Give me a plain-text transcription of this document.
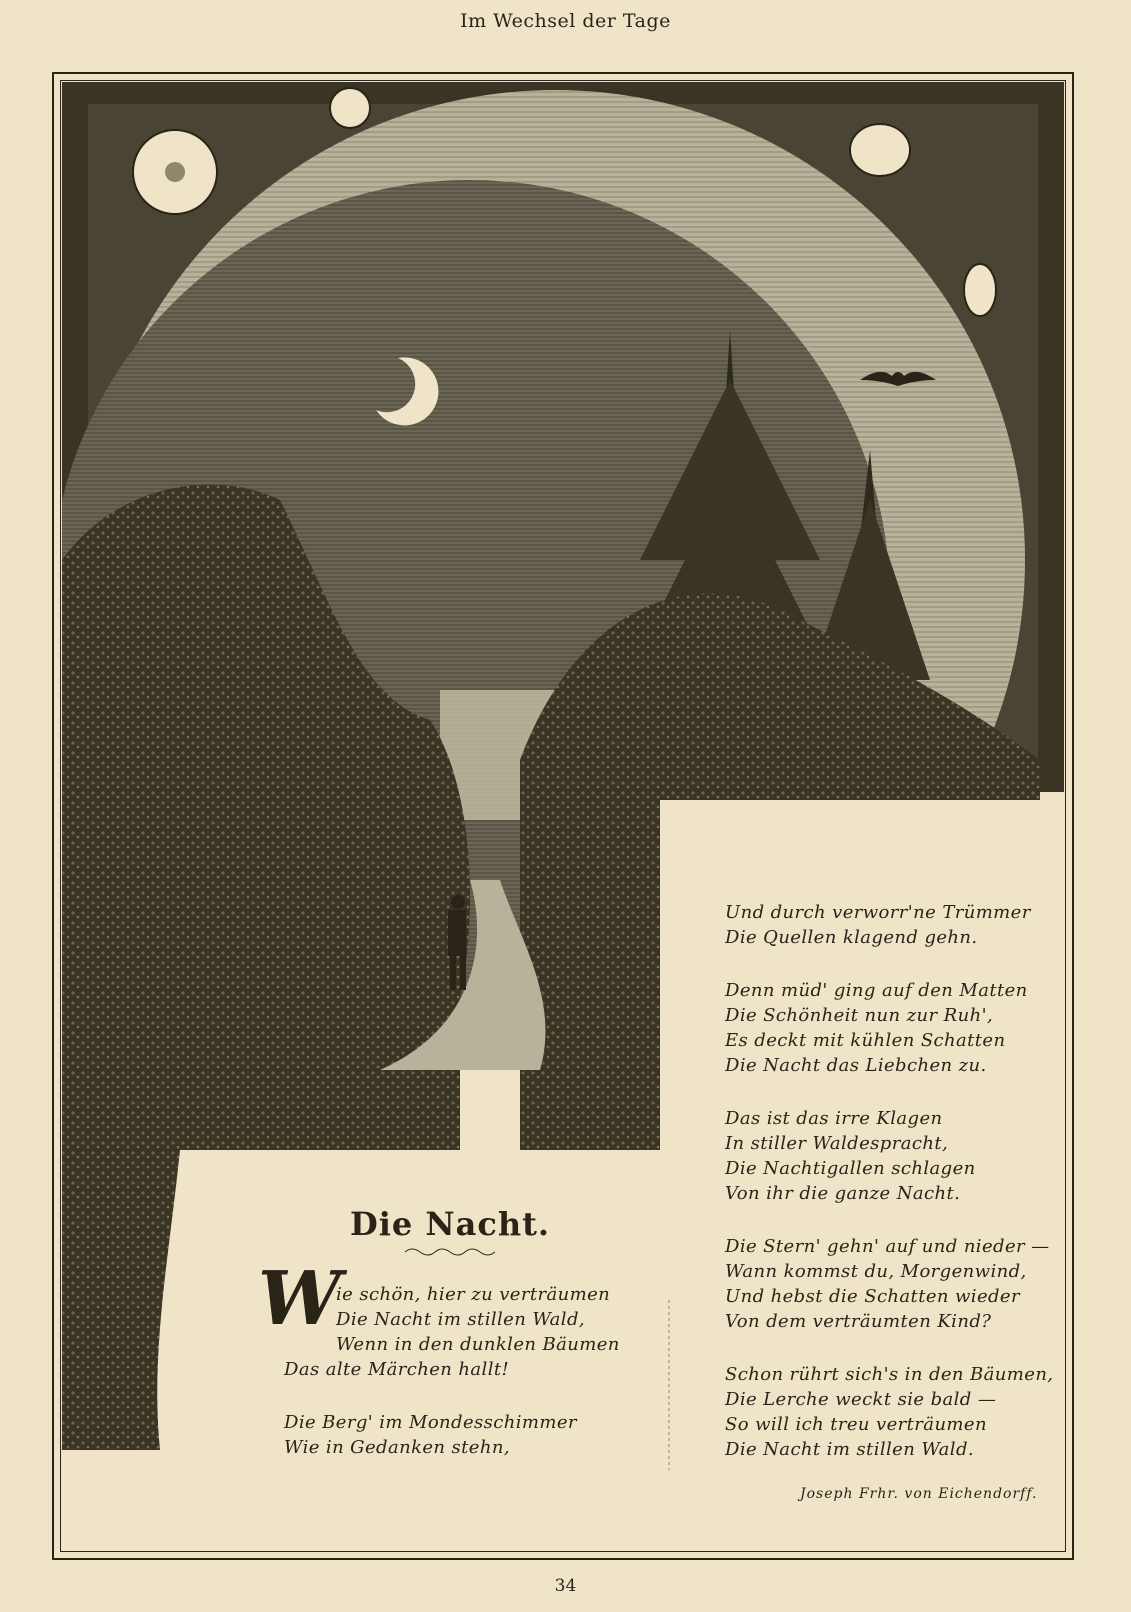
Im Wechsel der Tage
Die Nacht.
W
ie schön, hier zu verträumen
Die Nacht im stillen Wald,
Wenn in den dunklen Bäumen
Das alte Märchen hallt!
Die Berg' im Mondesschimmer
Wie in Gedanken stehn,
Und durch verworr'ne Trümmer
Die Quellen klagend gehn.
Denn müd' ging auf den Matten
Die Schönheit nun zur Ruh',
Es deckt mit kühlen Schatten
Die Nacht das Liebchen zu.
Das ist das irre Klagen
In stiller Waldespracht,
Die Nachtigallen schlagen
Von ihr die ganze Nacht.
Die Stern' gehn' auf und nieder —
Wann kommst du, Morgenwind,
Und hebst die Schatten wieder
Von dem verträumten Kind?
Schon rührt sich's in den Bäumen,
Die Lerche weckt sie bald —
So will ich treu verträumen
Die Nacht im stillen Wald.
Joseph Frhr. von Eichendorff.
34
